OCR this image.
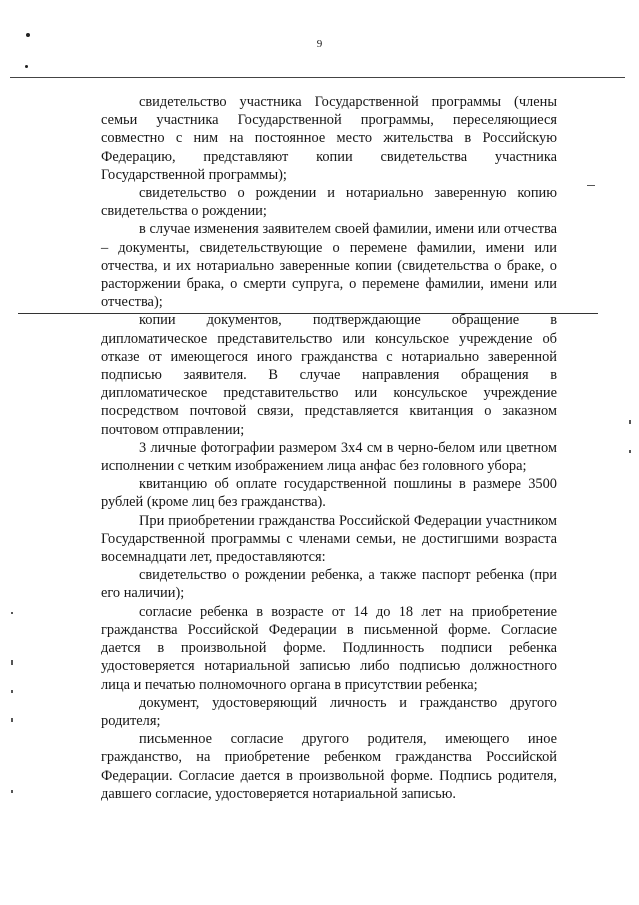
9

свидетельство участника Государственной программы (члены семьи участника Государственной программы, переселяющиеся совместно с ним на постоянное место жительства в Российскую Федерацию, представляют копии свидетельства участника Государственной программы);

свидетельство о рождении и нотариально заверенную копию свидетельства о рождении;

в случае изменения заявителем своей фамилии, имени или отчества – документы, свидетельствующие о перемене фамилии, имени или отчества, и их нотариально заверенные копии (свидетельства о браке, о расторжении брака, о смерти супруга, о перемене фамилии, имени или отчества);

копии документов, подтверждающие обращение в дипломатическое представительство или консульское учреждение об отказе от имеющегося иного гражданства с нотариально заверенной подписью заявителя. В случае направления обращения в дипломатическое представительство или консульское учреждение посредством почтовой связи, представляется квитанция о заказном почтовом отправлении;

3 личные фотографии размером 3x4 см в черно-белом или цветном исполнении с четким изображением лица анфас без головного убора;

квитанцию об оплате государственной пошлины в размере 3500 рублей (кроме лиц без гражданства).

При приобретении гражданства Российской Федерации участником Государственной программы с членами семьи, не достигшими возраста восемнадцати лет, предоставляются:

свидетельство о рождении ребенка, а также паспорт ребенка (при его наличии);

согласие ребенка в возрасте от 14 до 18 лет на приобретение гражданства Российской Федерации в письменной форме. Согласие дается в произвольной форме. Подлинность подписи ребенка удостоверяется нотариальной записью либо подписью должностного лица и печатью полномочного органа в присутствии ребенка;

документ, удостоверяющий личность и гражданство другого родителя;

письменное согласие другого родителя, имеющего иное гражданство, на приобретение ребенком гражданства Российской Федерации. Согласие дается в произвольной форме. Подпись родителя, давшего согласие, удостоверяется нотариальной записью.
